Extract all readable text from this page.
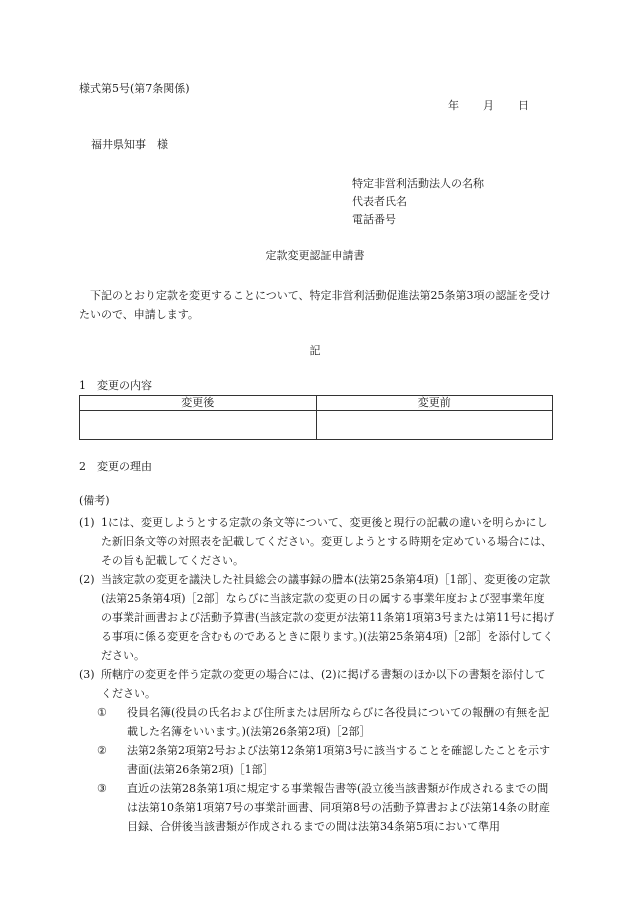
様式第5号(第7条関係)
年 月 日
福井県知事　様
特定非営利活動法人の名称
代表者氏名
電話番号
定款変更認証申請書
下記のとおり定款を変更することについて、特定非営利活動促進法第25条第3項の認証を受けたいので、申請します。
記
1　変更の内容
変更後	変更前

2　変更の理由
(備考)
(1) 1には、変更しようとする定款の条文等について、変更後と現行の記載の違いを明らかにした新旧条文等の対照表を記載してください。変更しようとする時期を定めている場合には、その旨も記載してください。
(2) 当該定款の変更を議決した社員総会の議事録の謄本(法第25条第4項)［1部］、変更後の定款(法第25条第4項)［2部］ならびに当該定款の変更の日の属する事業年度および翌事業年度の事業計画書および活動予算書(当該定款の変更が法第11条第1項第3号または第11号に掲げる事項に係る変更を含むものであるときに限ります。)(法第25条第4項)［2部］を添付してください。
(3) 所轄庁の変更を伴う定款の変更の場合には、(2)に掲げる書類のほか以下の書類を添付してください。
① 役員名簿(役員の氏名および住所または居所ならびに各役員についての報酬の有無を記載した名簿をいいます。)(法第26条第2項)［2部］
② 法第2条第2項第2号および法第12条第1項第3号に該当することを確認したことを示す書面(法第26条第2項)［1部］
③ 直近の法第28条第1項に規定する事業報告書等(設立後当該書類が作成されるまでの間は法第10条第1項第7号の事業計画書、同項第8号の活動予算書および法第14条の財産目録、合併後当該書類が作成されるまでの間は法第34条第5項において準用
